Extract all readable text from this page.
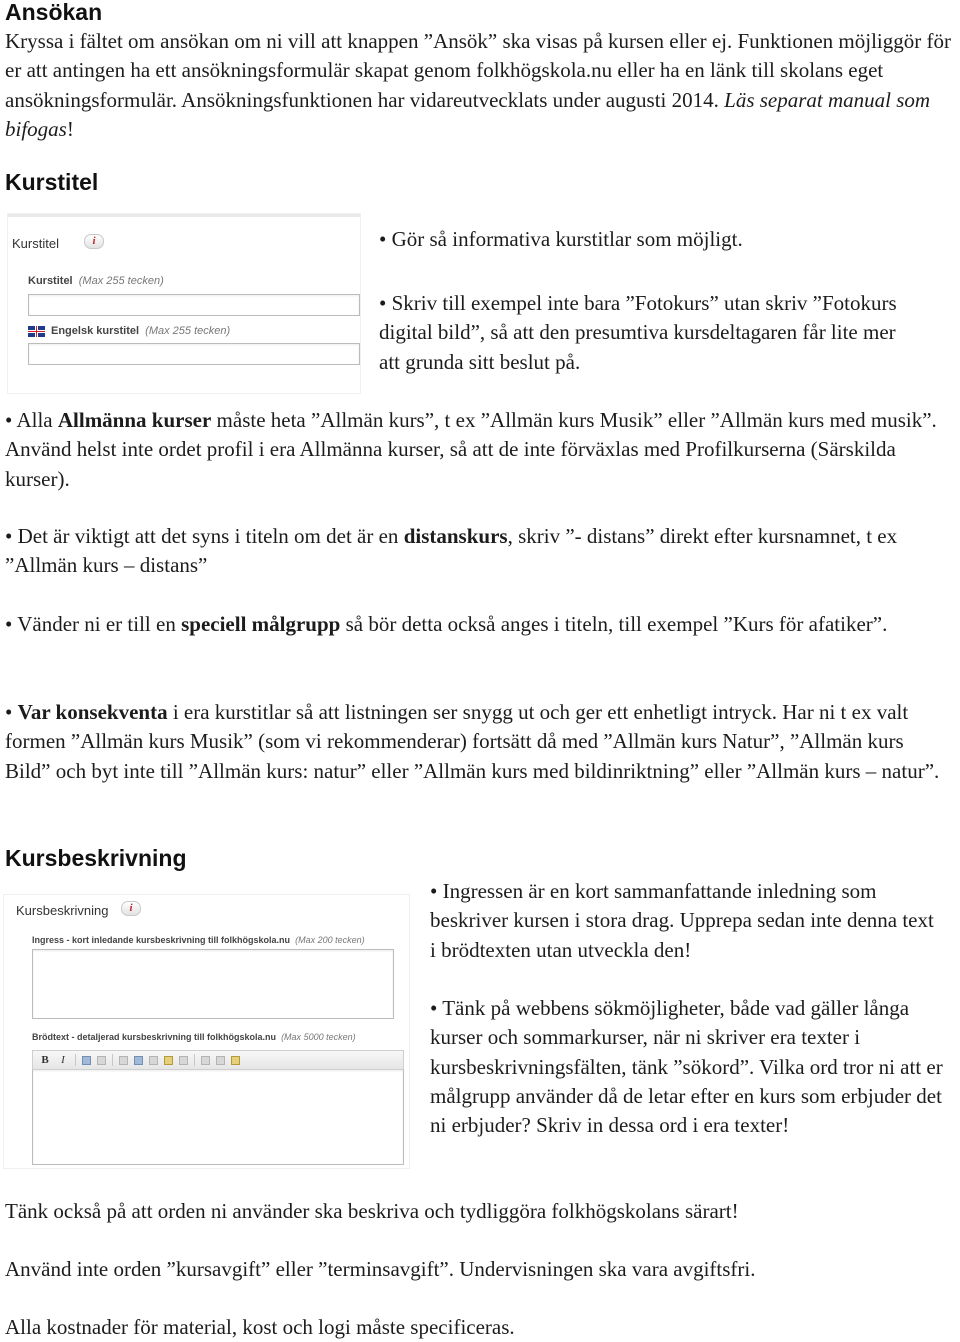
Ansökan

Kryssa i fältet om ansökan om ni vill att knappen ”Ansök” ska visas på kursen eller ej. Funktionen möjliggör för er att antingen ha ett ansökningsformulär skapat genom folkhögskola.nu eller ha en länk till skolans eget ansökningsformulär. Ansökningsfunktionen har vidareutvecklats under augusti 2014. Läs separat manual som bifogas!

Kurstitel
Kurstitel	i
Kurstitel (Max 255 tecken)
Engelsk kurstitel (Max 255 tecken)

• Gör så informativa kurstitlar som möjligt.

• Skriv till exempel inte bara ”Fotokurs” utan skriv ”Fotokurs digital bild”, så att den presumtiva kursdeltagaren får lite mer att grunda sitt beslut på.

• Alla Allmänna kurser måste heta ”Allmän kurs”, t ex ”Allmän kurs Musik” eller ”Allmän kurs med musik”. Använd helst inte ordet profil i era Allmänna kurser, så att de inte förväxlas med Profilkurserna (Särskilda kurser).

• Det är viktigt att det syns i titeln om det är en distanskurs, skriv ”- distans” direkt efter kursnamnet, t ex ”Allmän kurs – distans”

• Vänder ni er till en speciell målgrupp så bör detta också anges i titeln, till exempel ”Kurs för afatiker”.

• Var konsekventa i era kurstitlar så att listningen ser snygg ut och ger ett enhetligt intryck. Har ni t ex valt formen ”Allmän kurs Musik” (som vi rekommenderar) fortsätt då med ”Allmän kurs Natur”, ”Allmän kurs Bild” och byt inte till ”Allmän kurs: natur” eller ”Allmän kurs med bildinriktning” eller ”Allmän kurs – natur”.

Kursbeskrivning
Kursbeskrivning	i
Ingress - kort inledande kursbeskrivning till folkhögskola.nu (Max 200 tecken)
Brödtext - detaljerad kursbeskrivning till folkhögskola.nu (Max 5000 tecken)
B	I

• Ingressen är en kort sammanfattande inledning som beskriver kursen i stora drag. Upprepa sedan inte denna text i brödtexten utan utveckla den!

• Tänk på webbens sökmöjligheter, både vad gäller långa kurser och sommarkurser, när ni skriver era texter i kursbeskrivningsfälten, tänk ”sökord”. Vilka ord tror ni att er målgrupp använder då de letar efter en kurs som erbjuder det ni erbjuder? Skriv in dessa ord i era texter!

Tänk också på att orden ni använder ska beskriva och tydliggöra folkhögskolans särart!

Använd inte orden ”kursavgift” eller ”terminsavgift”. Undervisningen ska vara avgiftsfri.

Alla kostnader för material, kost och logi måste specificeras.
